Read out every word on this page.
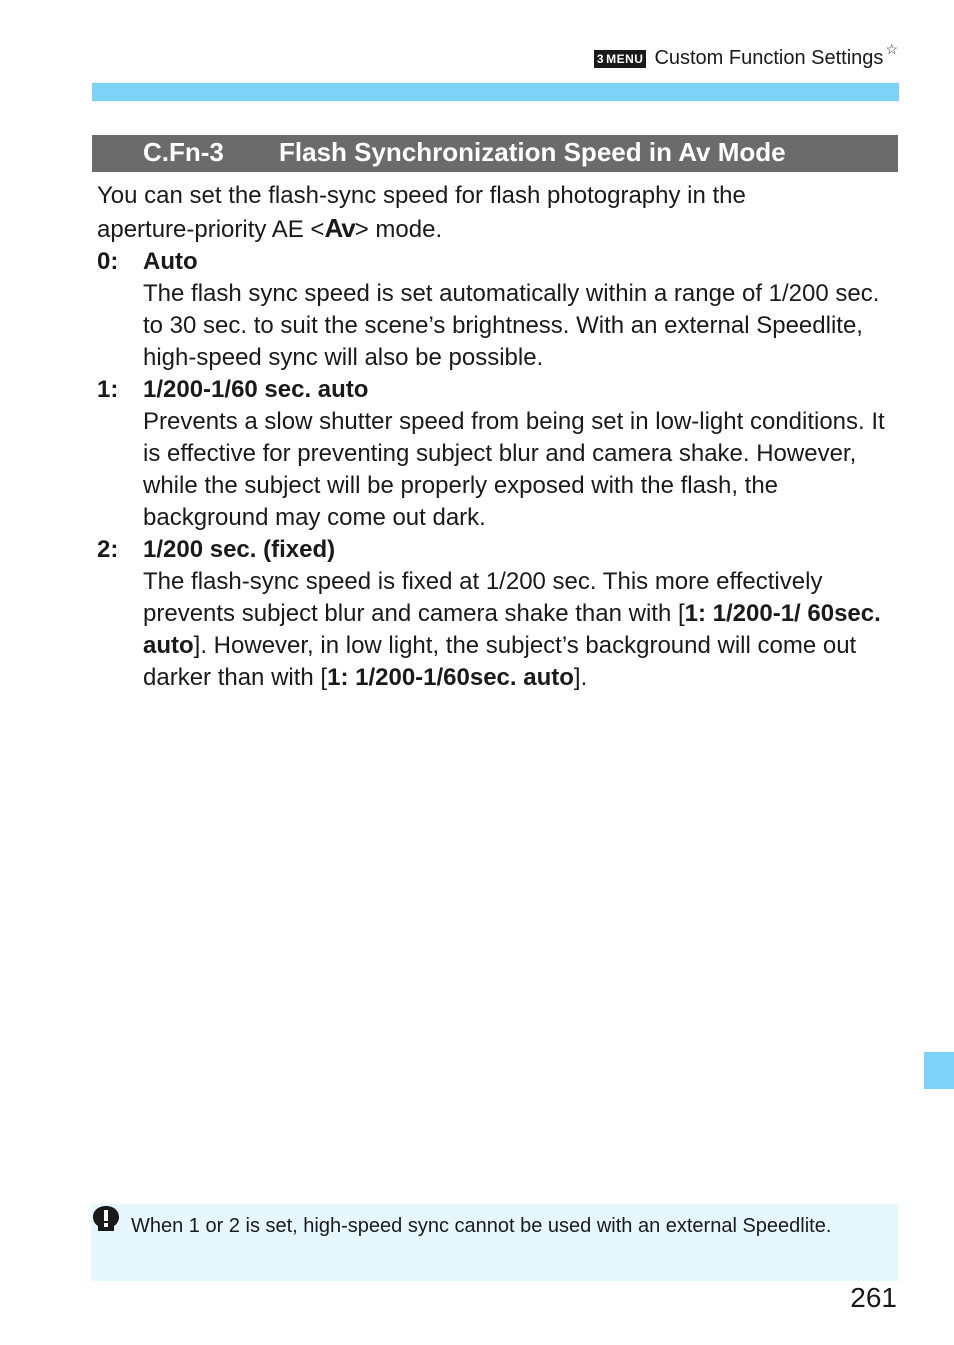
3 MENU Custom Function Settings ☆
C.Fn-3 Flash Synchronization Speed in Av Mode

You can set the flash-sync speed for flash photography in the
aperture-priority AE <Av> mode.

0:	Auto

The flash sync speed is set automatically within a range of 1/200 sec. to 30 sec. to suit the scene’s brightness. With an external Speedlite, high-speed sync will also be possible.

1:	1/200-1/60 sec. auto

Prevents a slow shutter speed from being set in low-light conditions. It is effective for preventing subject blur and camera shake. However, while the subject will be properly exposed with the flash, the background may come out dark.

2:	1/200 sec. (fixed)

The flash-sync speed is fixed at 1/200 sec. This more effectively prevents subject blur and camera shake than with [1: 1/200-1/ 60sec. auto]. However, in low light, the subject’s background will come out darker than with [1: 1/200-1/60sec. auto].

When 1 or 2 is set, high-speed sync cannot be used with an external Speedlite.
261
